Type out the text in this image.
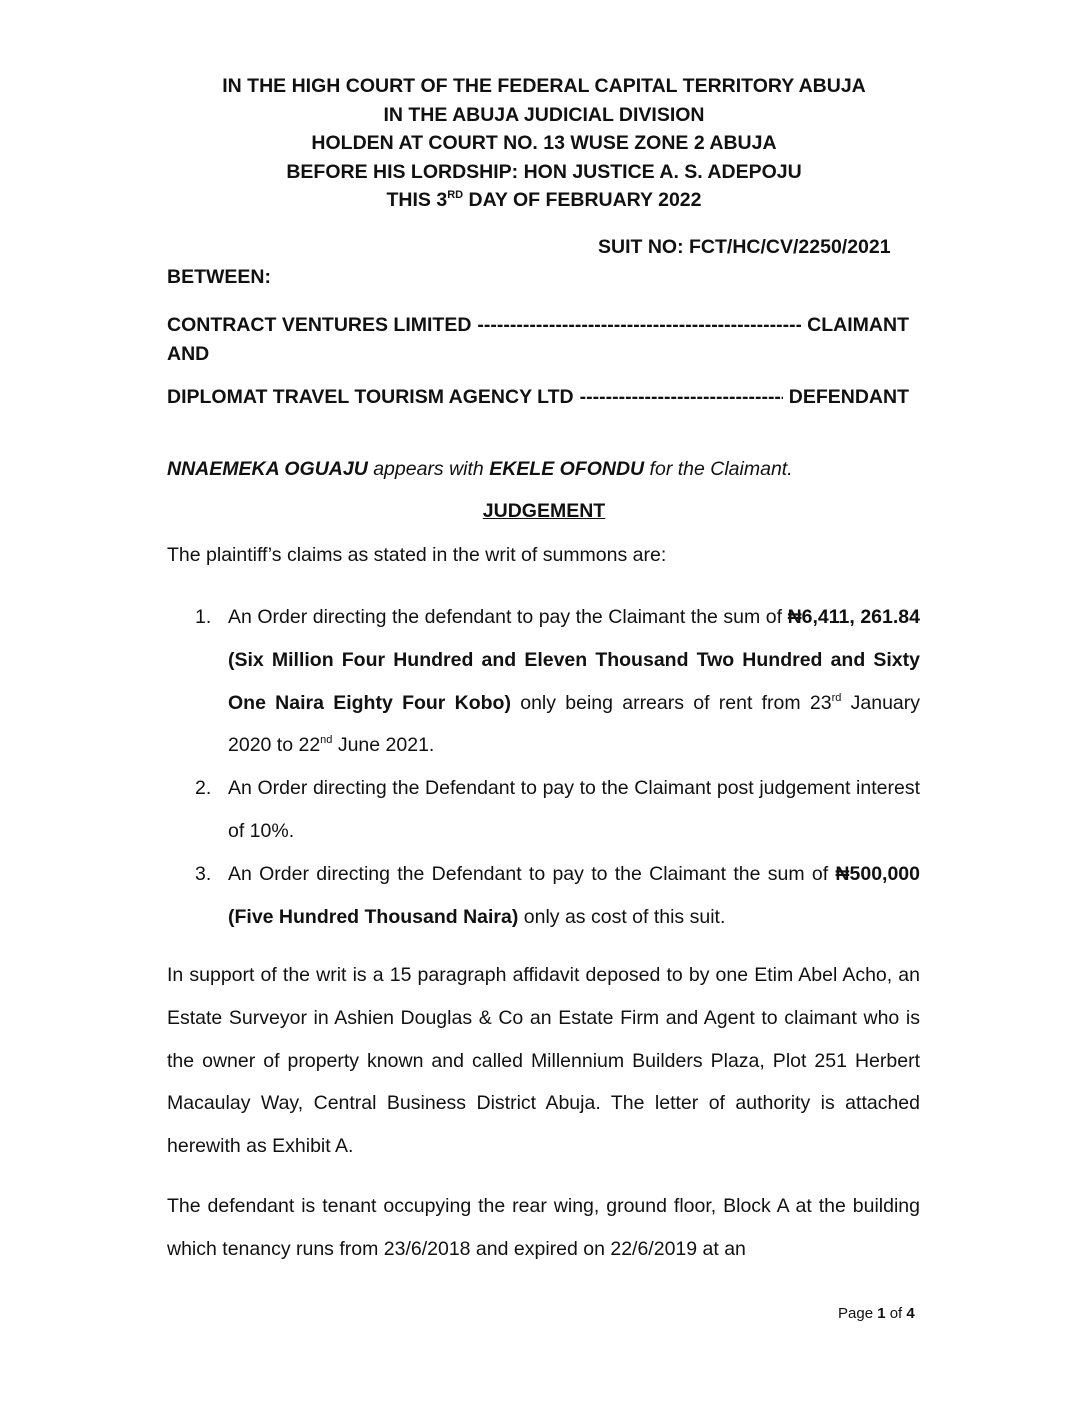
IN THE HIGH COURT OF THE FEDERAL CAPITAL TERRITORY ABUJA
IN THE ABUJA JUDICIAL DIVISION
HOLDEN AT COURT NO. 13 WUSE ZONE 2 ABUJA
BEFORE HIS LORDSHIP: HON JUSTICE A. S. ADEPOJU
THIS 3RD DAY OF FEBRUARY 2022
SUIT NO: FCT/HC/CV/2250/2021
BETWEEN:
CONTRACT VENTURES LIMITED -----	CLAIMANT
AND
DIPLOMAT TRAVEL TOURISM AGENCY LTD -----	DEFENDANT
NNAEMEKA OGUAJU appears with EKELE OFONDU for the Claimant.
JUDGEMENT
The plaintiff’s claims as stated in the writ of summons are:
1. An Order directing the defendant to pay the Claimant the sum of ₦6,411, 261.84 (Six Million Four Hundred and Eleven Thousand Two Hundred and Sixty One Naira Eighty Four Kobo) only being arrears of rent from 23rd January 2020 to 22nd June 2021.
2. An Order directing the Defendant to pay to the Claimant post judgement interest of 10%.
3. An Order directing the Defendant to pay to the Claimant the sum of ₦500,000 (Five Hundred Thousand Naira) only as cost of this suit.

In support of the writ is a 15 paragraph affidavit deposed to by one Etim Abel Acho, an Estate Surveyor in Ashien Douglas & Co an Estate Firm and Agent to claimant who is the owner of property known and called Millennium Builders Plaza, Plot 251 Herbert Macaulay Way, Central Business District Abuja. The letter of authority is attached herewith as Exhibit A.

The defendant is tenant occupying the rear wing, ground floor, Block A at the building which tenancy runs from 23/6/2018 and expired on 22/6/2019 at an

Page 1 of 4
